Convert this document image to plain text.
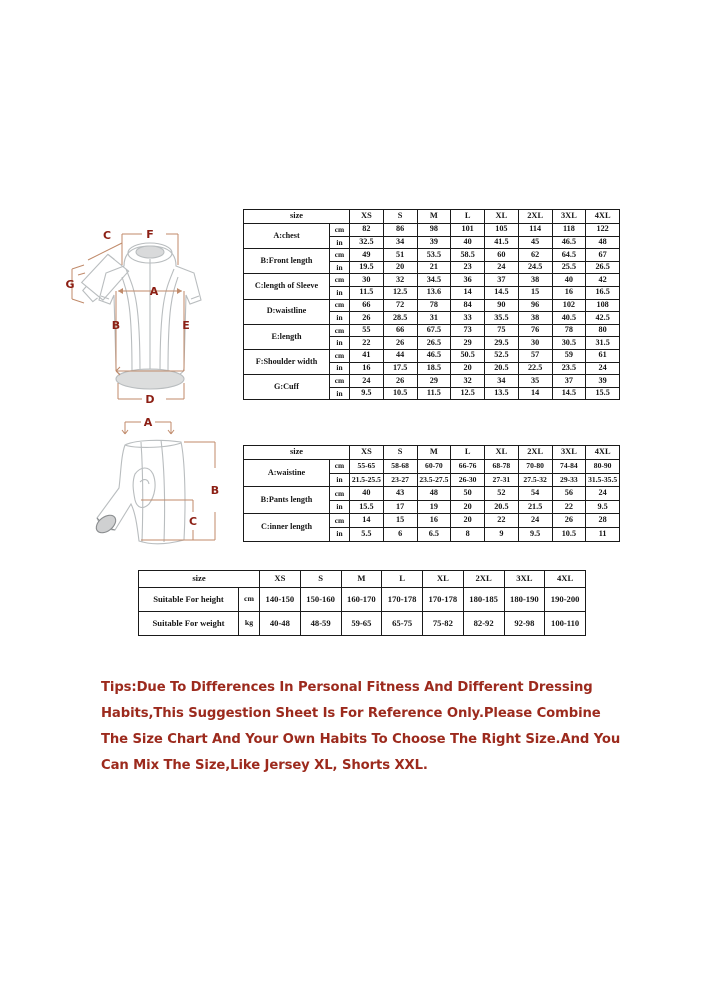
F
A
C
G
B	E
D
A
B
C
size		XS	S	M	L	XL	2XL	3XL	4XL
A:chest	cm	82	86	98	101	105	114	118	122
	in	32.5	34	39	40	41.5	45	46.5	48
B:Front length	cm	49	51	53.5	58.5	60	62	64.5	67
	in	19.5	20	21	23	24	24.5	25.5	26.5
C:length of Sleeve	cm	30	32	34.5	36	37	38	40	42
	in	11.5	12.5	13.6	14	14.5	15	16	16.5
D:waistline	cm	66	72	78	84	90	96	102	108
	in	26	28.5	31	33	35.5	38	40.5	42.5
E:length	cm	55	66	67.5	73	75	76	78	80
	in	22	26	26.5	29	29.5	30	30.5	31.5
F:Shoulder width	cm	41	44	46.5	50.5	52.5	57	59	61
	in	16	17.5	18.5	20	20.5	22.5	23.5	24
G:Cuff	cm	24	26	29	32	34	35	37	39
	in	9.5	10.5	11.5	12.5	13.5	14	14.5	15.5
size		XS	S	M	L	XL	2XL	3XL	4XL
A:waistine	cm	55-65	58-68	60-70	66-76	68-78	70-80	74-84	80-90
	in	21.5-25.5	23-27	23.5-27.5	26-30	27-31	27.5-32	29-33	31.5-35.5
B:Pants length	cm	40	43	48	50	52	54	56	24
	in	15.5	17	19	20	20.5	21.5	22	9.5
C:inner length	cm	14	15	16	20	22	24	26	28
	in	5.5	6	6.5	8	9	9.5	10.5	11
size		XS	S	M	L	XL	2XL	3XL	4XL
Suitable For height	cm	140-150	150-160	160-170	170-178	170-178	180-185	180-190	190-200
Suitable For weight	kg	40-48	48-59	59-65	65-75	75-82	82-92	92-98	100-110
Tips:Due To Differences In Personal Fitness And Different Dressing Habits,This Suggestion Sheet Is For Reference Only.Please Combine The Size Chart And Your Own Habits To Choose The Right Size.And You Can Mix The Size,Like Jersey XL, Shorts XXL.
